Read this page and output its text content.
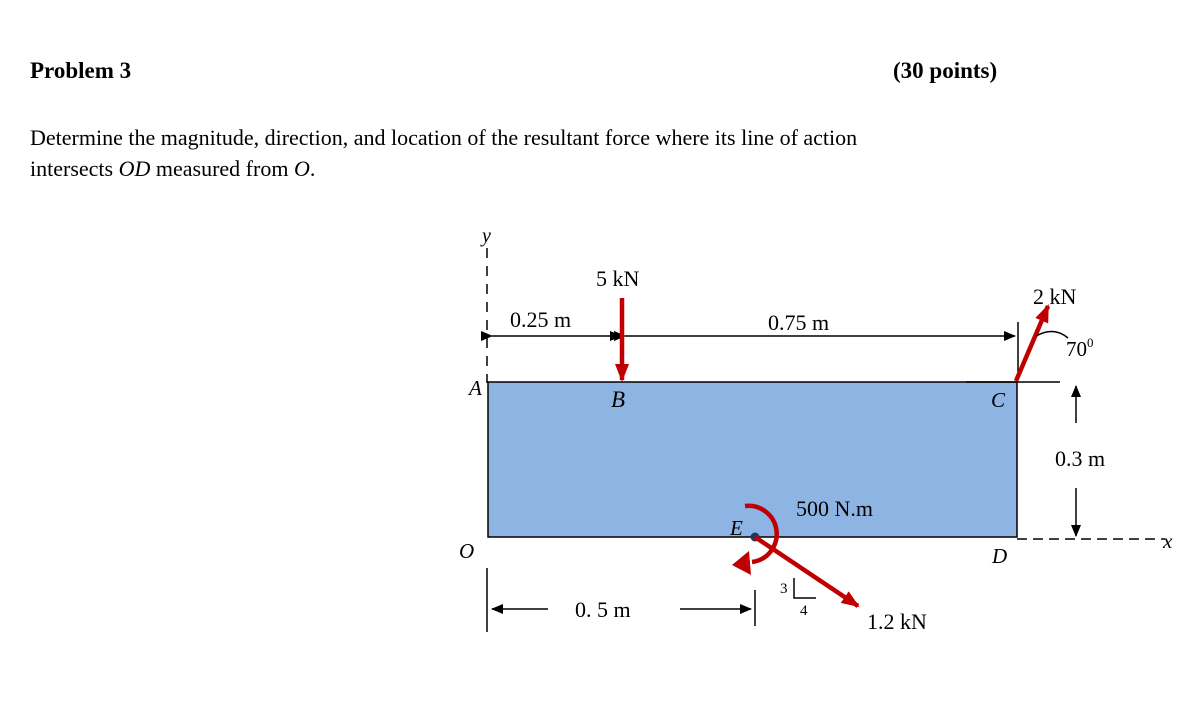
Problem 3	(30 points)
Determine the magnitude, direction, and location of the resultant force where its line of action
intersects OD measured from O.
y
x
A	B	C
D
E
O
0.25 m	0.75 m
5 kN
2 kN
$70^0$
0.3 m
500 N.m
1.2 kN
3
4
0. 5 m
